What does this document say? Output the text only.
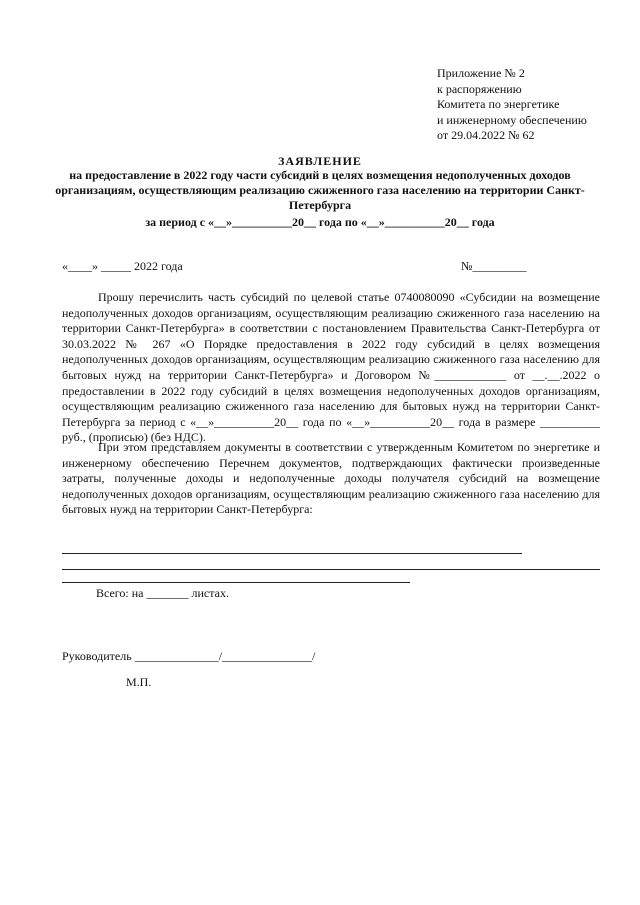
Приложение № 2
к распоряжению
Комитета по энергетике
и инженерному обеспечению
от 29.04.2022 № 62
ЗАЯВЛЕНИЕ
на предоставление в 2022 году части субсидий в целях возмещения недополученных доходов организациям, осуществляющим реализацию сжиженного газа населению на территории Санкт-Петербурга
за период с «__»__________20__ года по «__»__________20__ года
«____» _____ 2022 года	№_________
Прошу перечислить часть субсидий по целевой статье 0740080090 «Субсидии на возмещение недополученных доходов организациям, осуществляющим реализацию сжиженного газа населению на территории Санкт-Петербурга» в соответствии с постановлением Правительства Санкт-Петербурга от 30.03.2022 № 267 «О Порядке предоставления в 2022 году субсидий в целях возмещения недополученных доходов организациям, осуществляющим реализацию сжиженного газа населению для бытовых нужд на территории Санкт-Петербурга» и Договором №____________ от __.__.2022 о предоставлении в 2022 году субсидий в целях возмещения недополученных доходов организациям, осуществляющим реализацию сжиженного газа населению для бытовых нужд на территории Санкт-Петербурга за период с «__»__________20__ года по «__»__________20__ года в размере __________ руб., (прописью) (без НДС).
При этом представляем документы в соответствии с утвержденным Комитетом по энергетике и инженерному обеспечению Перечнем документов, подтверждающих фактически произведенные затраты, полученные доходы и недополученные доходы получателя субсидий на возмещение недополученных доходов организациям, осуществляющим реализацию сжиженного газа населению для бытовых нужд на территории Санкт-Петербурга:
Всего: на _______ листах.
Руководитель ______________/_______________/
М.П.
